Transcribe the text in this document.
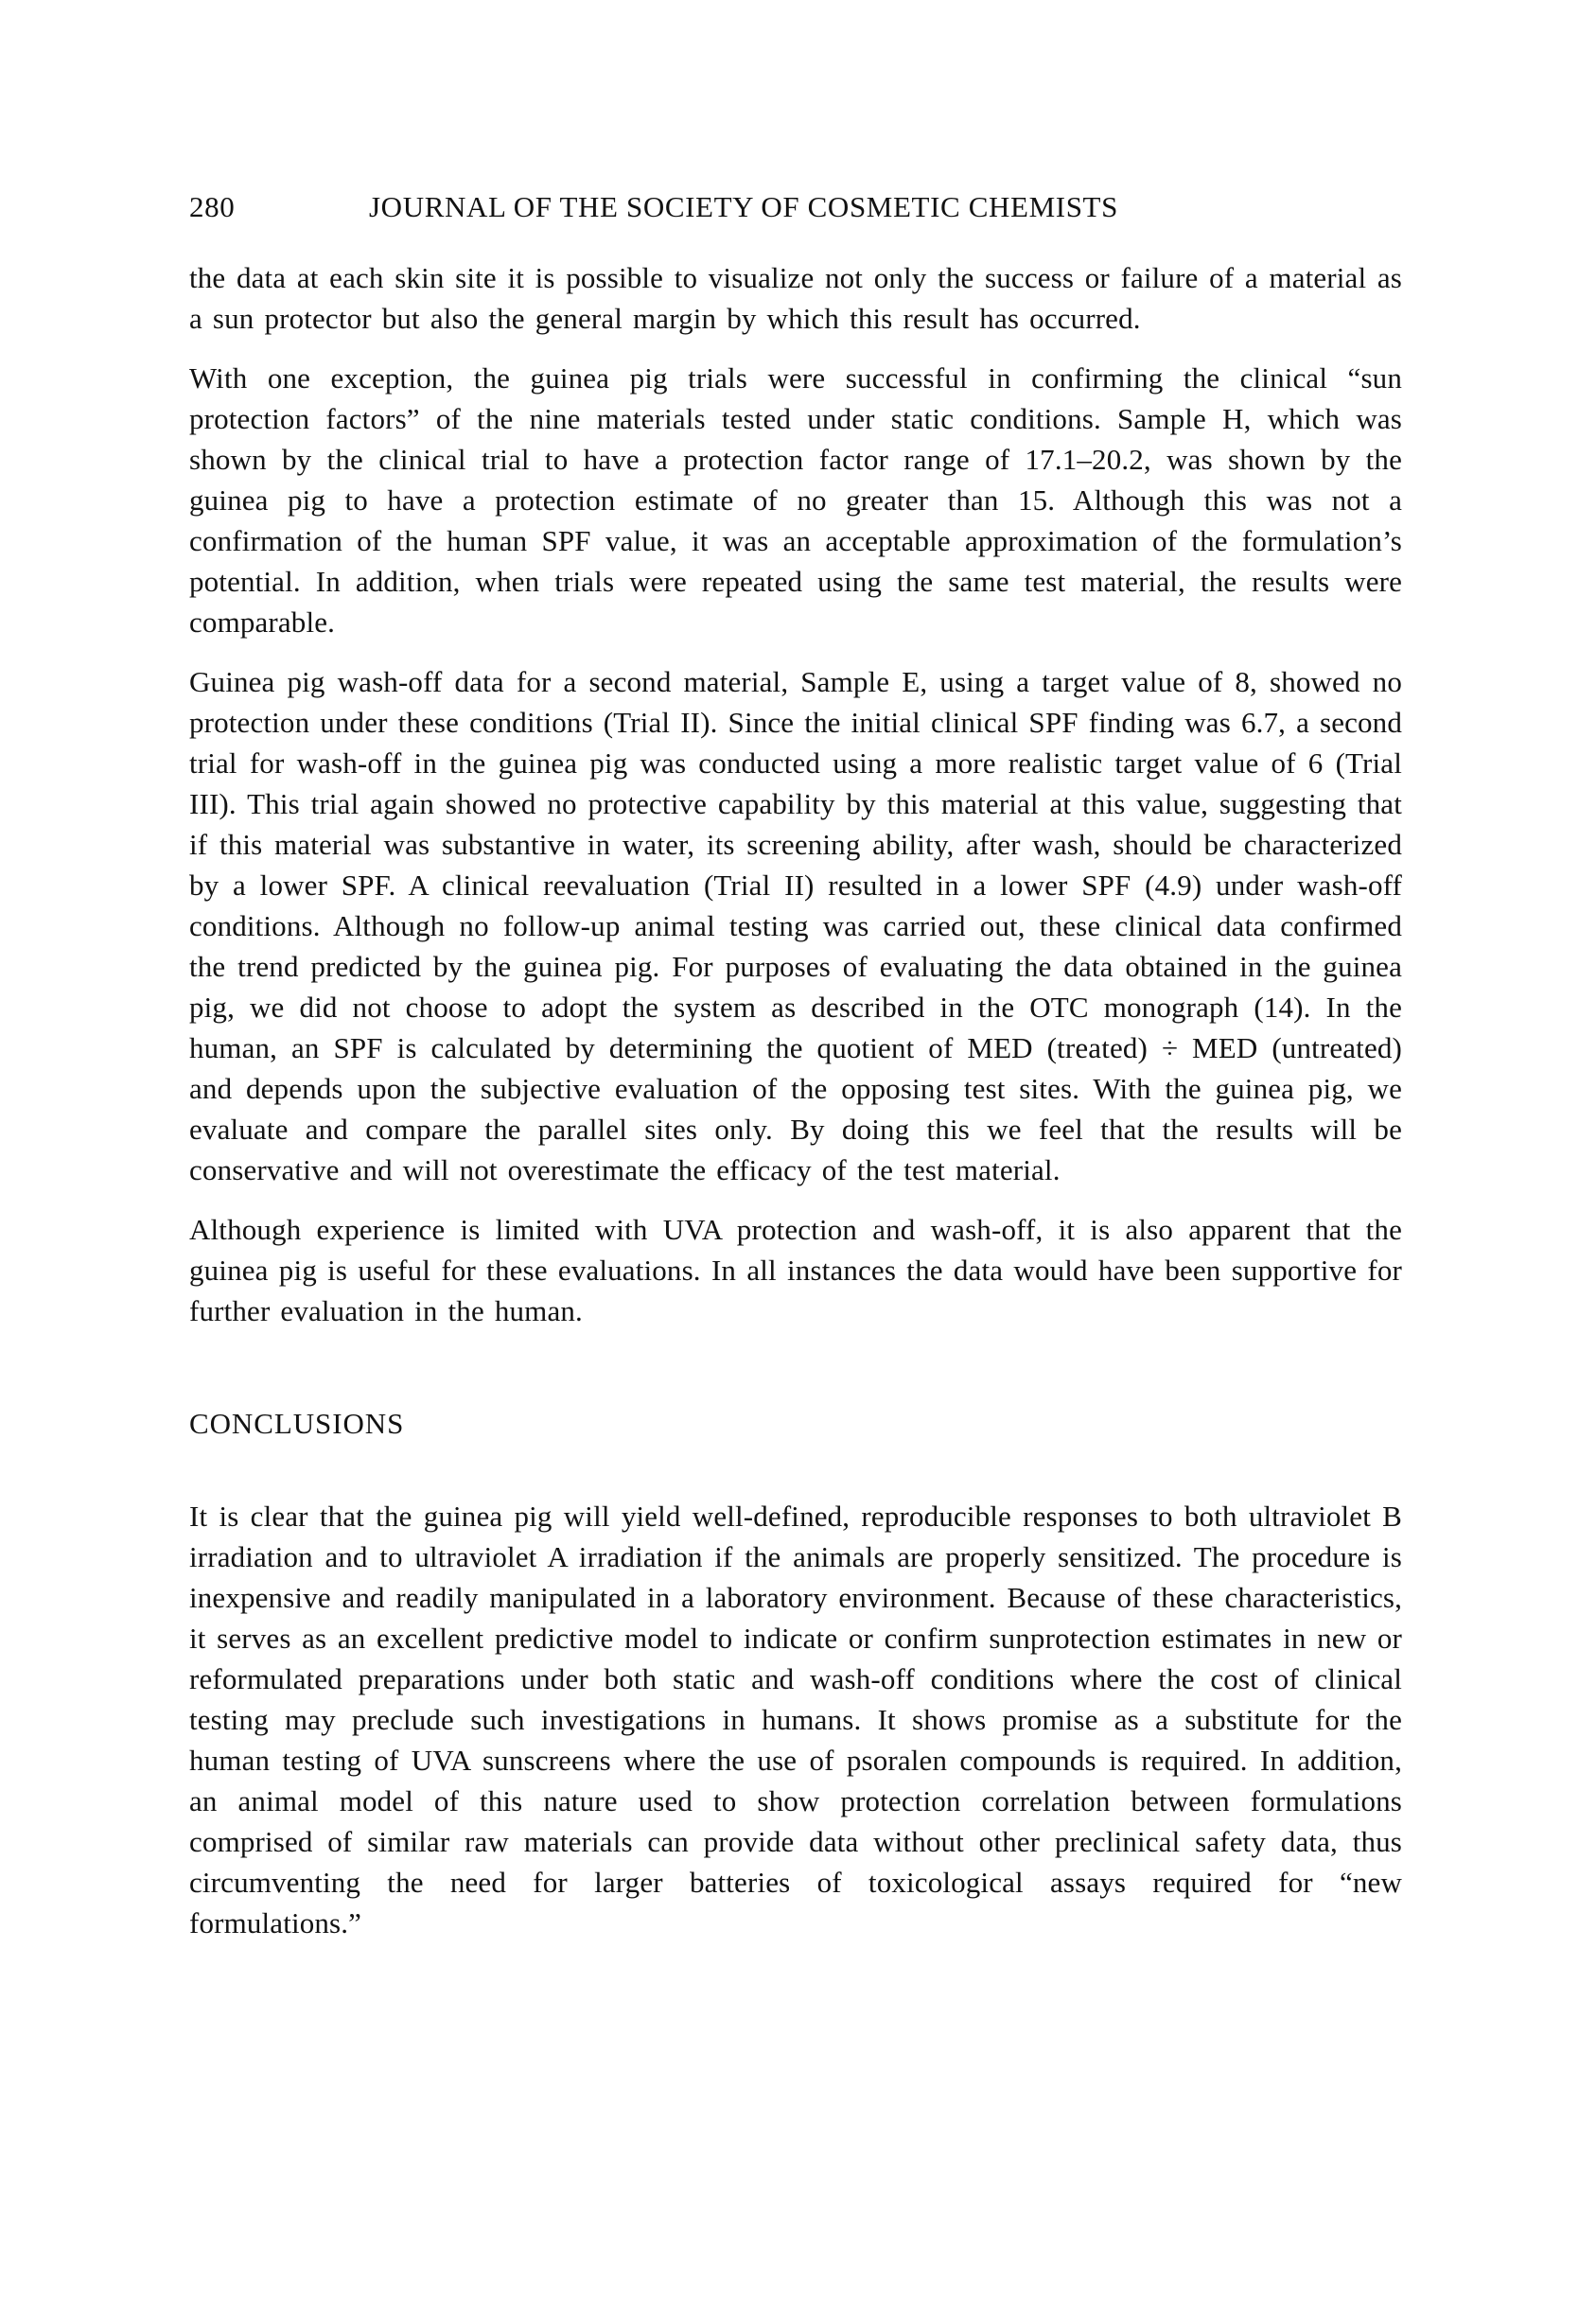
280	JOURNAL OF THE SOCIETY OF COSMETIC CHEMISTS

the data at each skin site it is possible to visualize not only the success or failure of a material as a sun protector but also the general margin by which this result has occurred.

With one exception, the guinea pig trials were successful in confirming the clinical “sun protection factors” of the nine materials tested under static conditions. Sample H, which was shown by the clinical trial to have a protection factor range of 17.1–20.2, was shown by the guinea pig to have a protection estimate of no greater than 15. Although this was not a confirmation of the human SPF value, it was an acceptable approximation of the formulation’s potential. In addition, when trials were repeated using the same test material, the results were comparable.

Guinea pig wash-off data for a second material, Sample E, using a target value of 8, showed no protection under these conditions (Trial II). Since the initial clinical SPF finding was 6.7, a second trial for wash-off in the guinea pig was conducted using a more realistic target value of 6 (Trial III). This trial again showed no protective capability by this material at this value, suggesting that if this material was substantive in water, its screening ability, after wash, should be characterized by a lower SPF. A clinical reevaluation (Trial II) resulted in a lower SPF (4.9) under wash-off conditions. Although no follow-up animal testing was carried out, these clinical data confirmed the trend predicted by the guinea pig. For purposes of evaluating the data obtained in the guinea pig, we did not choose to adopt the system as described in the OTC monograph (14). In the human, an SPF is calculated by determining the quotient of MED (treated) ÷ MED (untreated) and depends upon the subjective evaluation of the opposing test sites. With the guinea pig, we evaluate and compare the parallel sites only. By doing this we feel that the results will be conservative and will not overestimate the efficacy of the test material.

Although experience is limited with UVA protection and wash-off, it is also apparent that the guinea pig is useful for these evaluations. In all instances the data would have been supportive for further evaluation in the human.

CONCLUSIONS

It is clear that the guinea pig will yield well-defined, reproducible responses to both ultraviolet B irradiation and to ultraviolet A irradiation if the animals are properly sensitized. The procedure is inexpensive and readily manipulated in a laboratory environment. Because of these characteristics, it serves as an excellent predictive model to indicate or confirm sunprotection estimates in new or reformulated preparations under both static and wash-off conditions where the cost of clinical testing may preclude such investigations in humans. It shows promise as a substitute for the human testing of UVA sunscreens where the use of psoralen compounds is required. In addition, an animal model of this nature used to show protection correlation between formulations comprised of similar raw materials can provide data without other preclinical safety data, thus circumventing the need for larger batteries of toxicological assays required for “new formulations.”
